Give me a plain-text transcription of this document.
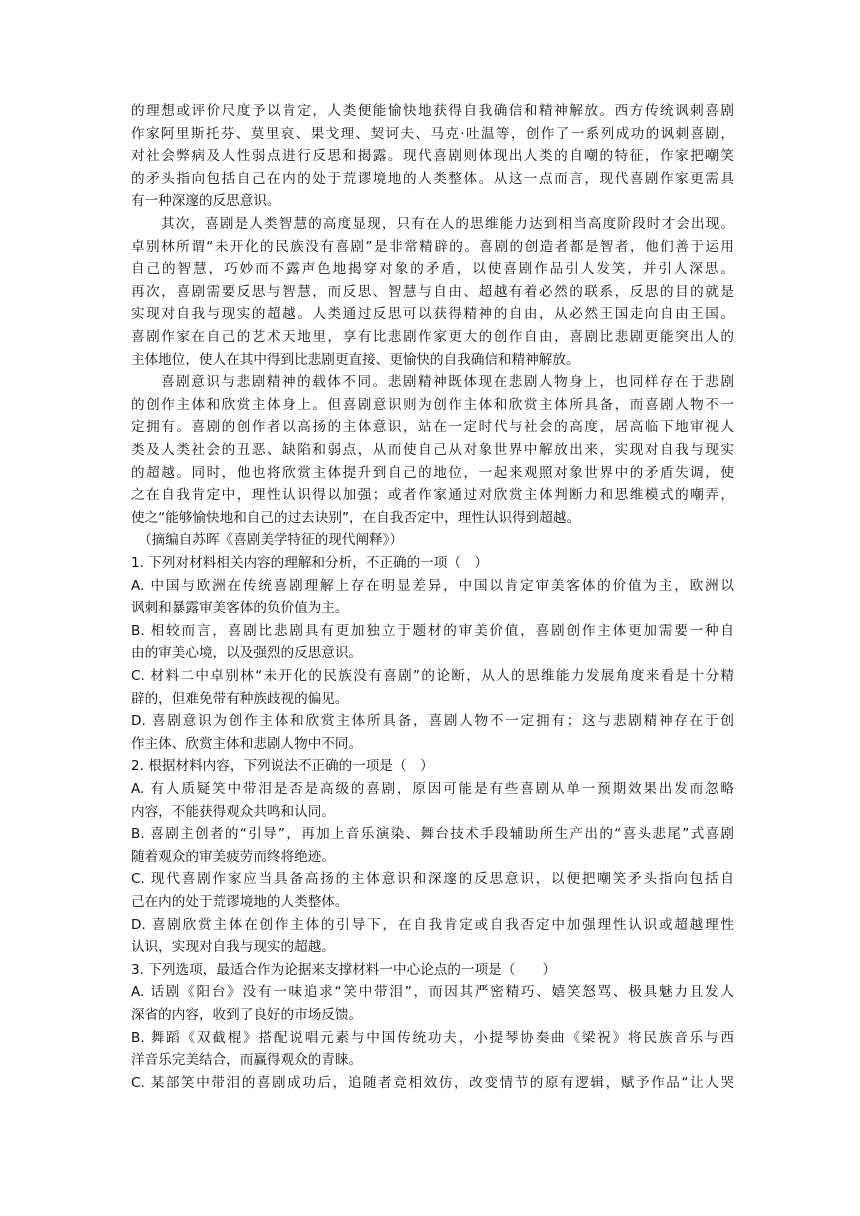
的理想或评价尺度予以肯定，人类便能愉快地获得自我确信和精神解放。西方传统讽刺喜剧
作家阿里斯托芬、莫里哀、果戈理、契诃夫、马克·吐温等，创作了一系列成功的讽刺喜剧，
对社会弊病及人性弱点进行反思和揭露。现代喜剧则体现出人类的自嘲的特征，作家把嘲笑
的矛头指向包括自己在内的处于荒谬境地的人类整体。从这一点而言，现代喜剧作家更需具
有一种深邃的反思意识。
其次，喜剧是人类智慧的高度显现，只有在人的思维能力达到相当高度阶段时才会出现。
卓别林所谓“未开化的民族没有喜剧”是非常精辟的。喜剧的创造者都是智者，他们善于运用
自己的智慧，巧妙而不露声色地揭穿对象的矛盾，以使喜剧作品引人发笑，并引人深思。
再次，喜剧需要反思与智慧，而反思、智慧与自由、超越有着必然的联系，反思的目的就是
实现对自我与现实的超越。人类通过反思可以获得精神的自由，从必然王国走向自由王国。
喜剧作家在自己的艺术天地里，享有比悲剧作家更大的创作自由，喜剧比悲剧更能突出人的
主体地位，使人在其中得到比悲剧更直接、更愉快的自我确信和精神解放。
喜剧意识与悲剧精神的载体不同。悲剧精神既体现在悲剧人物身上，也同样存在于悲剧
的创作主体和欣赏主体身上。但喜剧意识则为创作主体和欣赏主体所具备，而喜剧人物不一
定拥有。喜剧的创作者以高扬的主体意识，站在一定时代与社会的高度，居高临下地审视人
类及人类社会的丑恶、缺陷和弱点，从而使自己从对象世界中解放出来，实现对自我与现实
的超越。同时，他也将欣赏主体提升到自己的地位，一起来观照对象世界中的矛盾失调，使
之在自我肯定中，理性认识得以加强；或者作家通过对欣赏主体判断力和思维模式的嘲弄，
使之“能够愉快地和自己的过去诀别”，在自我否定中，理性认识得到超越。
（摘编自苏晖《喜剧美学特征的现代阐释》）
1. 下列对材料相关内容的理解和分析，不正确的一项（　）
A. 中国与欧洲在传统喜剧理解上存在明显差异，中国以肯定审美客体的价值为主，欧洲以
讽刺和暴露审美客体的负价值为主。
B. 相较而言，喜剧比悲剧具有更加独立于题材的审美价值，喜剧创作主体更加需要一种自
由的审美心境，以及强烈的反思意识。
C. 材料二中卓别林“未开化的民族没有喜剧”的论断，从人的思维能力发展角度来看是十分精
辟的，但难免带有种族歧视的偏见。
D. 喜剧意识为创作主体和欣赏主体所具备，喜剧人物不一定拥有；这与悲剧精神存在于创
作主体、欣赏主体和悲剧人物中不同。
2. 根据材料内容，下列说法不正确的一项是（　）
A. 有人质疑笑中带泪是否是高级的喜剧，原因可能是有些喜剧从单一预期效果出发而忽略
内容，不能获得观众共鸣和认同。
B. 喜剧主创者的“引导”，再加上音乐演染、舞台技术手段辅助所生产出的“喜头悲尾”式喜剧
随着观众的审美疲劳而终将绝迹。
C. 现代喜剧作家应当具备高扬的主体意识和深邃的反思意识，以便把嘲笑矛头指向包括自
己在内的处于荒谬境地的人类整体。
D. 喜剧欣赏主体在创作主体的引导下，在自我肯定或自我否定中加强理性认识或超越理性
认识，实现对自我与现实的超越。
3. 下列选项，最适合作为论据来支撑材料一中心论点的一项是（　　）
A. 话剧《阳台》没有一味追求“笑中带泪”，而因其严密精巧、嬉笑怒骂、极具魅力且发人
深省的内容，收到了良好的市场反馈。
B. 舞蹈《双截棍》搭配说唱元素与中国传统功夫，小提琴协奏曲《梁祝》将民族音乐与西
洋音乐完美结合，而赢得观众的青睐。
C. 某部笑中带泪的喜剧成功后，追随者竞相效仿，改变情节的原有逻辑，赋予作品“让人哭
